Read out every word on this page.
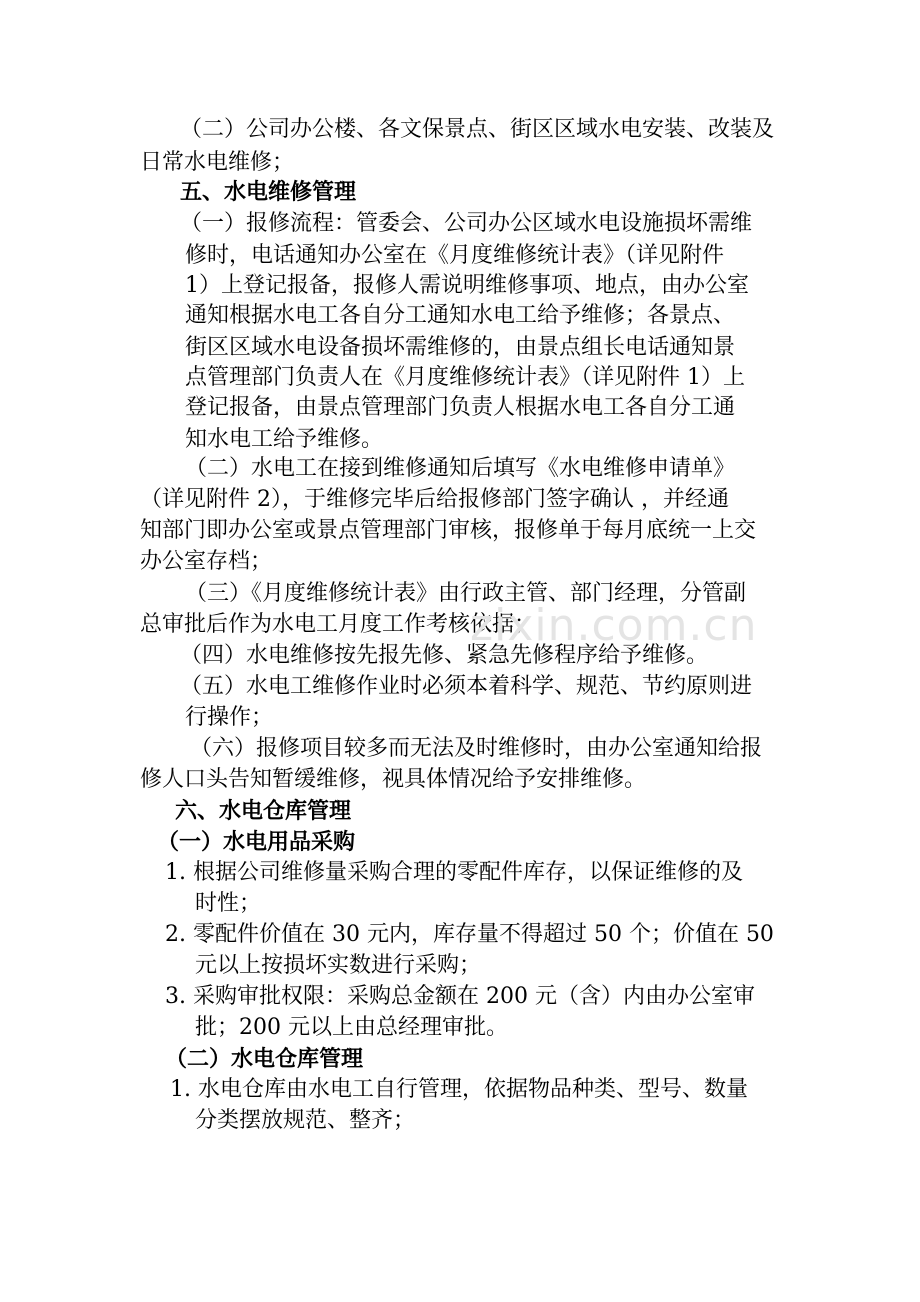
（二）公司办公楼、各文保景点、街区区域水电安装、改装及
日常水电维修；
五、水电维修管理
（一）报修流程：管委会、公司办公区域水电设施损坏需维
修时，电话通知办公室在《月度维修统计表》（详见附件
1）上登记报备，报修人需说明维修事项、地点，由办公室
通知根据水电工各自分工通知水电工给予维修；各景点、
街区区域水电设备损坏需维修的，由景点组长电话通知景
点管理部门负责人在《月度维修统计表》（详见附件 1）上
登记报备，由景点管理部门负责人根据水电工各自分工通
知水电工给予维修。
（二）水电工在接到维修通知后填写《水电维修申请单》
（详见附件 2），于维修完毕后给报修部门签字确认 ，并经通
知部门即办公室或景点管理部门审核，报修单于每月底统一上交
办公室存档；
（三）《月度维修统计表》由行政主管、部门经理，分管副
总审批后作为水电工月度工作考核依据；
（四）水电维修按先报先修、紧急先修程序给予维修。
（五）水电工维修作业时必须本着科学、规范、节约原则进
行操作；
（六）报修项目较多而无法及时维修时，由办公室通知给报
修人口头告知暂缓维修，视具体情况给予安排维修。
六、水电仓库管理
（一）水电用品采购
1. 根据公司维修量采购合理的零配件库存，以保证维修的及
时性；
2. 零配件价值在 30 元内，库存量不得超过 50 个；价值在 50
元以上按损坏实数进行采购；
3. 采购审批权限：采购总金额在 200 元（含）内由办公室审
批；200 元以上由总经理审批。
（二）水电仓库管理
1. 水电仓库由水电工自行管理，依据物品种类、型号、数量
分类摆放规范、整齐；
zixin.com.cn
